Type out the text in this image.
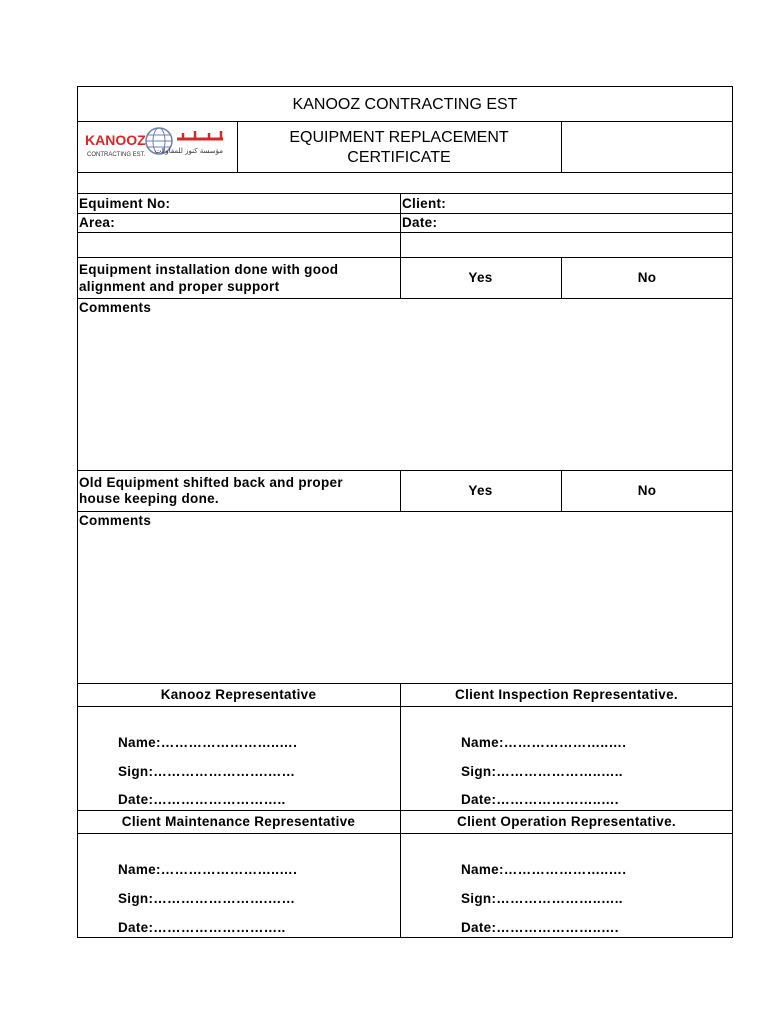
KANOOZ CONTRACTING EST
KANOOZ
CONTRACTING EST. مؤسسة كنوز للمقاولات
EQUIPMENT REPLACEMENT
CERTIFICATE
Equiment No:	Client:
Area:	Date:
Equipment installation done with good
alignment and proper support
Yes	No
Comments
Old Equipment shifted back and proper
house keeping done.
Yes	No
Comments
Kanooz Representative
Name:……………………..….
Sign:…………………….……
Date:………………………..
Client Inspection Representative.
Name:…………………..….
Sign:…………………..…..
Date:…………………..….
Client Maintenance Representative
Name:……………………..….
Sign:…………………….……
Date:………………………..
Client Operation Representative.
Name:…………………..….
Sign:…………………..…..
Date:…………………..….
